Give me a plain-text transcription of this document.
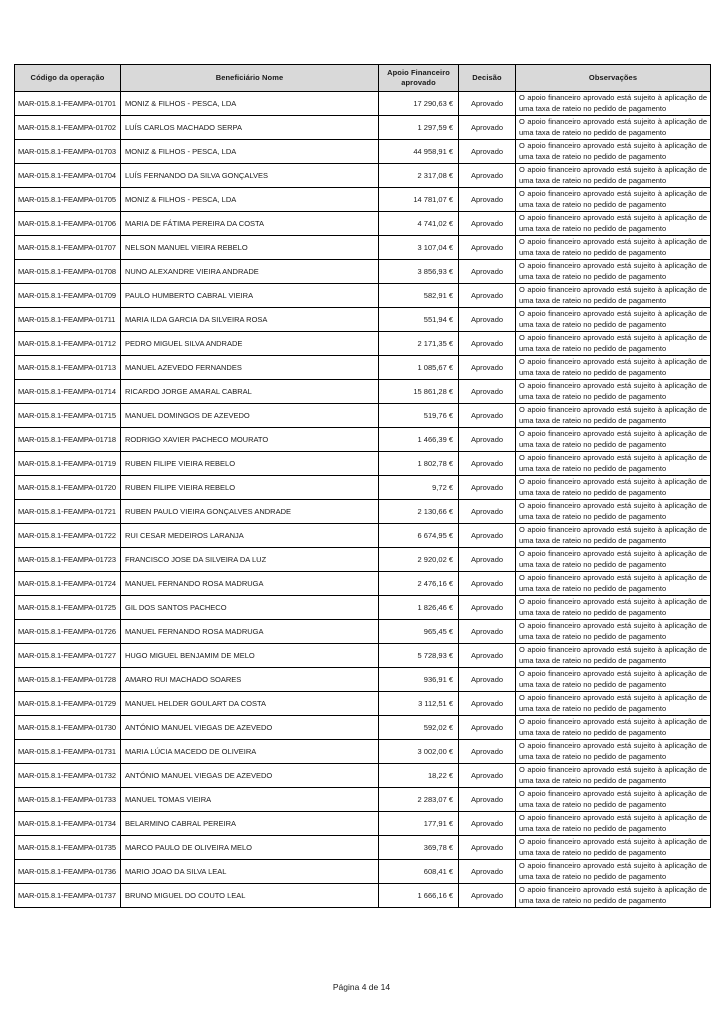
Código da operação	Beneficiário Nome	Apoio Financeiro aprovado	Decisão	Observações
MAR-015.8.1-FEAMPA-01701	MONIZ & FILHOS - PESCA, LDA	17 290,63 €	Aprovado	O apoio financeiro aprovado está sujeito à aplicação de uma taxa de rateio no pedido de pagamento
MAR-015.8.1-FEAMPA-01702	LUÍS CARLOS MACHADO SERPA	1 297,59 €	Aprovado	O apoio financeiro aprovado está sujeito à aplicação de uma taxa de rateio no pedido de pagamento
MAR-015.8.1-FEAMPA-01703	MONIZ & FILHOS - PESCA, LDA	44 958,91 €	Aprovado	O apoio financeiro aprovado está sujeito à aplicação de uma taxa de rateio no pedido de pagamento
MAR-015.8.1-FEAMPA-01704	LUÍS FERNANDO DA SILVA GONÇALVES	2 317,08 €	Aprovado	O apoio financeiro aprovado está sujeito à aplicação de uma taxa de rateio no pedido de pagamento
MAR-015.8.1-FEAMPA-01705	MONIZ & FILHOS - PESCA, LDA	14 781,07 €	Aprovado	O apoio financeiro aprovado está sujeito à aplicação de uma taxa de rateio no pedido de pagamento
MAR-015.8.1-FEAMPA-01706	MARIA DE FÁTIMA PEREIRA DA COSTA	4 741,02 €	Aprovado	O apoio financeiro aprovado está sujeito à aplicação de uma taxa de rateio no pedido de pagamento
MAR-015.8.1-FEAMPA-01707	NELSON MANUEL VIEIRA REBELO	3 107,04 €	Aprovado	O apoio financeiro aprovado está sujeito à aplicação de uma taxa de rateio no pedido de pagamento
MAR-015.8.1-FEAMPA-01708	NUNO ALEXANDRE VIEIRA ANDRADE	3 856,93 €	Aprovado	O apoio financeiro aprovado está sujeito à aplicação de uma taxa de rateio no pedido de pagamento
MAR-015.8.1-FEAMPA-01709	PAULO HUMBERTO CABRAL VIEIRA	582,91 €	Aprovado	O apoio financeiro aprovado está sujeito à aplicação de uma taxa de rateio no pedido de pagamento
MAR-015.8.1-FEAMPA-01711	MARIA ILDA GARCIA DA SILVEIRA ROSA	551,94 €	Aprovado	O apoio financeiro aprovado está sujeito à aplicação de uma taxa de rateio no pedido de pagamento
MAR-015.8.1-FEAMPA-01712	PEDRO MIGUEL SILVA ANDRADE	2 171,35 €	Aprovado	O apoio financeiro aprovado está sujeito à aplicação de uma taxa de rateio no pedido de pagamento
MAR-015.8.1-FEAMPA-01713	MANUEL AZEVEDO FERNANDES	1 085,67 €	Aprovado	O apoio financeiro aprovado está sujeito à aplicação de uma taxa de rateio no pedido de pagamento
MAR-015.8.1-FEAMPA-01714	RICARDO JORGE AMARAL CABRAL	15 861,28 €	Aprovado	O apoio financeiro aprovado está sujeito à aplicação de uma taxa de rateio no pedido de pagamento
MAR-015.8.1-FEAMPA-01715	MANUEL DOMINGOS DE AZEVEDO	519,76 €	Aprovado	O apoio financeiro aprovado está sujeito à aplicação de uma taxa de rateio no pedido de pagamento
MAR-015.8.1-FEAMPA-01718	RODRIGO XAVIER PACHECO MOURATO	1 466,39 €	Aprovado	O apoio financeiro aprovado está sujeito à aplicação de uma taxa de rateio no pedido de pagamento
MAR-015.8.1-FEAMPA-01719	RUBEN FILIPE VIEIRA REBELO	1 802,78 €	Aprovado	O apoio financeiro aprovado está sujeito à aplicação de uma taxa de rateio no pedido de pagamento
MAR-015.8.1-FEAMPA-01720	RUBEN FILIPE VIEIRA REBELO	9,72 €	Aprovado	O apoio financeiro aprovado está sujeito à aplicação de uma taxa de rateio no pedido de pagamento
MAR-015.8.1-FEAMPA-01721	RUBEN PAULO VIEIRA GONÇALVES ANDRADE	2 130,66 €	Aprovado	O apoio financeiro aprovado está sujeito à aplicação de uma taxa de rateio no pedido de pagamento
MAR-015.8.1-FEAMPA-01722	RUI CESAR MEDEIROS LARANJA	6 674,95 €	Aprovado	O apoio financeiro aprovado está sujeito à aplicação de uma taxa de rateio no pedido de pagamento
MAR-015.8.1-FEAMPA-01723	FRANCISCO JOSE DA SILVEIRA DA LUZ	2 920,02 €	Aprovado	O apoio financeiro aprovado está sujeito à aplicação de uma taxa de rateio no pedido de pagamento
MAR-015.8.1-FEAMPA-01724	MANUEL FERNANDO ROSA MADRUGA	2 476,16 €	Aprovado	O apoio financeiro aprovado está sujeito à aplicação de uma taxa de rateio no pedido de pagamento
MAR-015.8.1-FEAMPA-01725	GIL DOS SANTOS PACHECO	1 826,46 €	Aprovado	O apoio financeiro aprovado está sujeito à aplicação de uma taxa de rateio no pedido de pagamento
MAR-015.8.1-FEAMPA-01726	MANUEL FERNANDO ROSA MADRUGA	965,45 €	Aprovado	O apoio financeiro aprovado está sujeito à aplicação de uma taxa de rateio no pedido de pagamento
MAR-015.8.1-FEAMPA-01727	HUGO MIGUEL BENJAMIM DE MELO	5 728,93 €	Aprovado	O apoio financeiro aprovado está sujeito à aplicação de uma taxa de rateio no pedido de pagamento
MAR-015.8.1-FEAMPA-01728	AMARO RUI MACHADO SOARES	936,91 €	Aprovado	O apoio financeiro aprovado está sujeito à aplicação de uma taxa de rateio no pedido de pagamento
MAR-015.8.1-FEAMPA-01729	MANUEL HELDER GOULART DA COSTA	3 112,51 €	Aprovado	O apoio financeiro aprovado está sujeito à aplicação de uma taxa de rateio no pedido de pagamento
MAR-015.8.1-FEAMPA-01730	ANTÓNIO MANUEL VIEGAS DE AZEVEDO	592,02 €	Aprovado	O apoio financeiro aprovado está sujeito à aplicação de uma taxa de rateio no pedido de pagamento
MAR-015.8.1-FEAMPA-01731	MARIA LÚCIA MACEDO DE OLIVEIRA	3 002,00 €	Aprovado	O apoio financeiro aprovado está sujeito à aplicação de uma taxa de rateio no pedido de pagamento
MAR-015.8.1-FEAMPA-01732	ANTÓNIO MANUEL VIEGAS DE AZEVEDO	18,22 €	Aprovado	O apoio financeiro aprovado está sujeito à aplicação de uma taxa de rateio no pedido de pagamento
MAR-015.8.1-FEAMPA-01733	MANUEL TOMAS VIEIRA	2 283,07 €	Aprovado	O apoio financeiro aprovado está sujeito à aplicação de uma taxa de rateio no pedido de pagamento
MAR-015.8.1-FEAMPA-01734	BELARMINO CABRAL PEREIRA	177,91 €	Aprovado	O apoio financeiro aprovado está sujeito à aplicação de uma taxa de rateio no pedido de pagamento
MAR-015.8.1-FEAMPA-01735	MARCO PAULO DE OLIVEIRA MELO	369,78 €	Aprovado	O apoio financeiro aprovado está sujeito à aplicação de uma taxa de rateio no pedido de pagamento
MAR-015.8.1-FEAMPA-01736	MARIO JOAO DA SILVA LEAL	608,41 €	Aprovado	O apoio financeiro aprovado está sujeito à aplicação de uma taxa de rateio no pedido de pagamento
MAR-015.8.1-FEAMPA-01737	BRUNO MIGUEL DO COUTO LEAL	1 666,16 €	Aprovado	O apoio financeiro aprovado está sujeito à aplicação de uma taxa de rateio no pedido de pagamento
Página 4 de 14
